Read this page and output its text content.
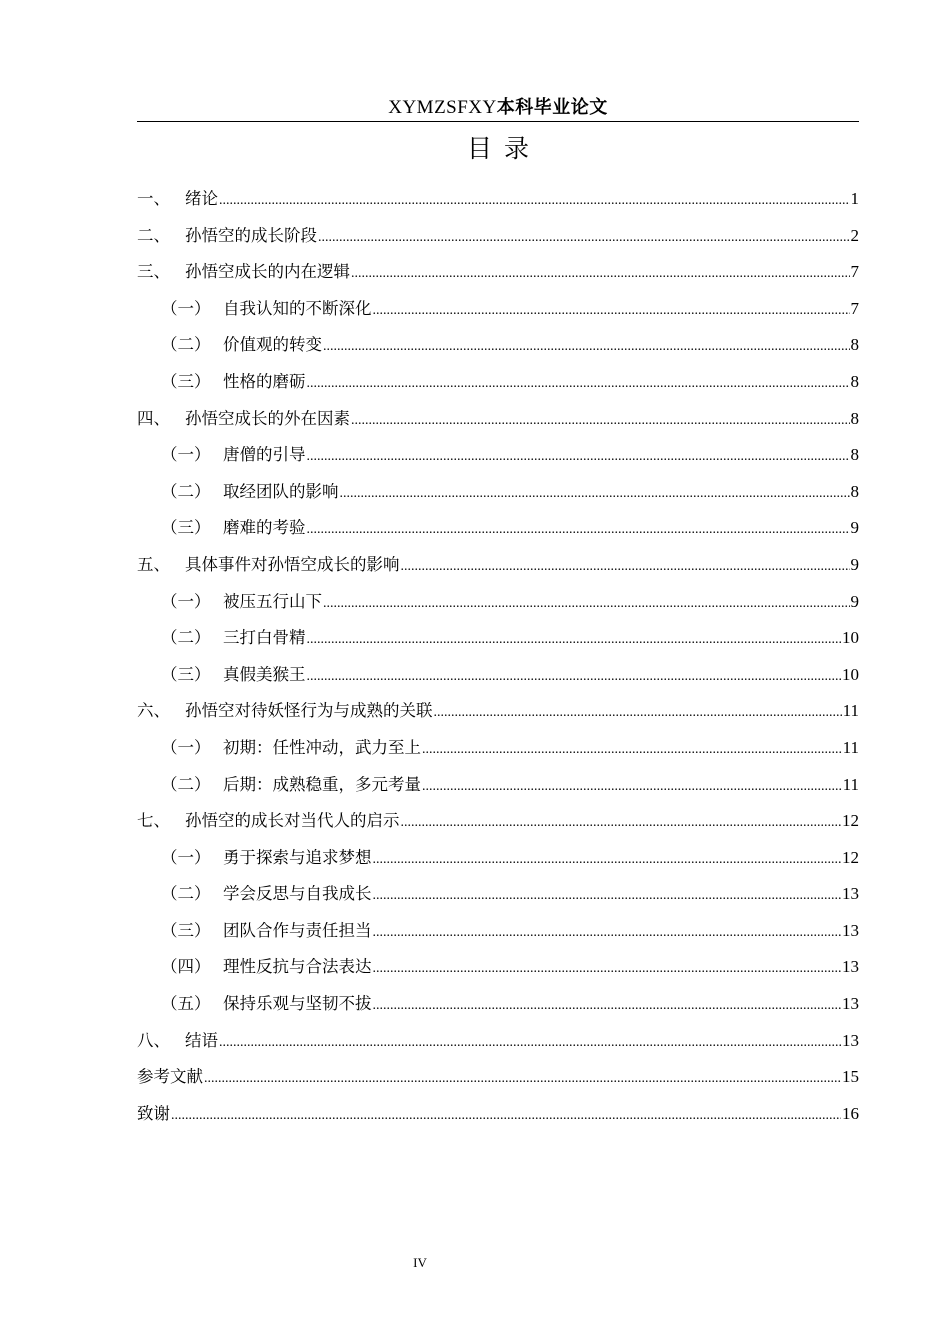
XYMZSFXY本科毕业论文
目录
一、 绪论 .....	1
二、 孙悟空的成长阶段 .....	2
三、 孙悟空成长的内在逻辑 .....	7
（一） 自我认知的不断深化 .....	7
（二） 价值观的转变 .....	8
（三） 性格的磨砺 .....	8
四、 孙悟空成长的外在因素 .....	8
（一） 唐僧的引导 .....	8
（二） 取经团队的影响 .....	8
（三） 磨难的考验 .....	9
五、 具体事件对孙悟空成长的影响 .....	9
（一） 被压五行山下 .....	9
（二） 三打白骨精 .....	10
（三） 真假美猴王 .....	10
六、 孙悟空对待妖怪行为与成熟的关联 .....	11
（一） 初期：任性冲动，武力至上 .....	11
（二） 后期：成熟稳重，多元考量 .....	11
七、 孙悟空的成长对当代人的启示 .....	12
（一） 勇于探索与追求梦想 .....	12
（二） 学会反思与自我成长 .....	13
（三） 团队合作与责任担当 .....	13
（四） 理性反抗与合法表达 .....	13
（五） 保持乐观与坚韧不拔 .....	13
八、 结语 .....	13
参考文献 .....	15
致谢 .....	16
IV
